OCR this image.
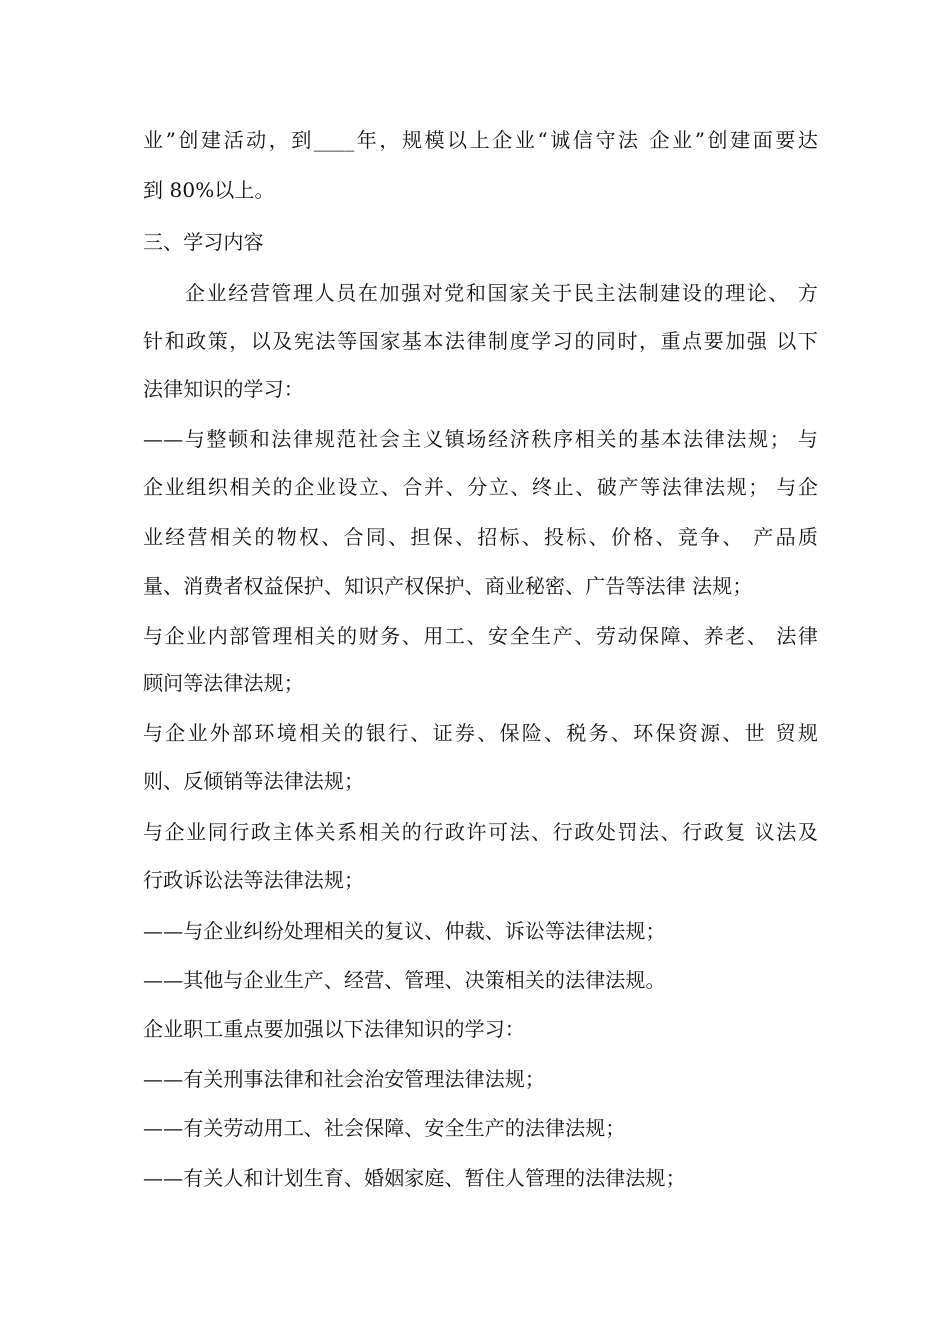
业”创建活动，到____年，规模以上企业“诚信守法 企业”创建面要达
到 80%以上。
三、学习内容
企业经营管理人员在加强对党和国家关于民主法制建设的理论、 方
针和政策，以及宪法等国家基本法律制度学习的同时，重点要加强 以下
法律知识的学习：
——与整顿和法律规范社会主义镇场经济秩序相关的基本法律法规； 与
企业组织相关的企业设立、合并、分立、终止、破产等法律法规； 与企
业经营相关的物权、合同、担保、招标、投标、价格、竞争、 产品质
量、消费者权益保护、知识产权保护、商业秘密、广告等法律 法规；
与企业内部管理相关的财务、用工、安全生产、劳动保障、养老、 法律
顾问等法律法规；
与企业外部环境相关的银行、证券、保险、税务、环保资源、世 贸规
则、反倾销等法律法规；
与企业同行政主体关系相关的行政许可法、行政处罚法、行政复 议法及
行政诉讼法等法律法规；
——与企业纠纷处理相关的复议、仲裁、诉讼等法律法规；
——其他与企业生产、经营、管理、决策相关的法律法规。
企业职工重点要加强以下法律知识的学习：
——有关刑事法律和社会治安管理法律法规；
——有关劳动用工、社会保障、安全生产的法律法规；
——有关人和计划生育、婚姻家庭、暂住人管理的法律法规；
